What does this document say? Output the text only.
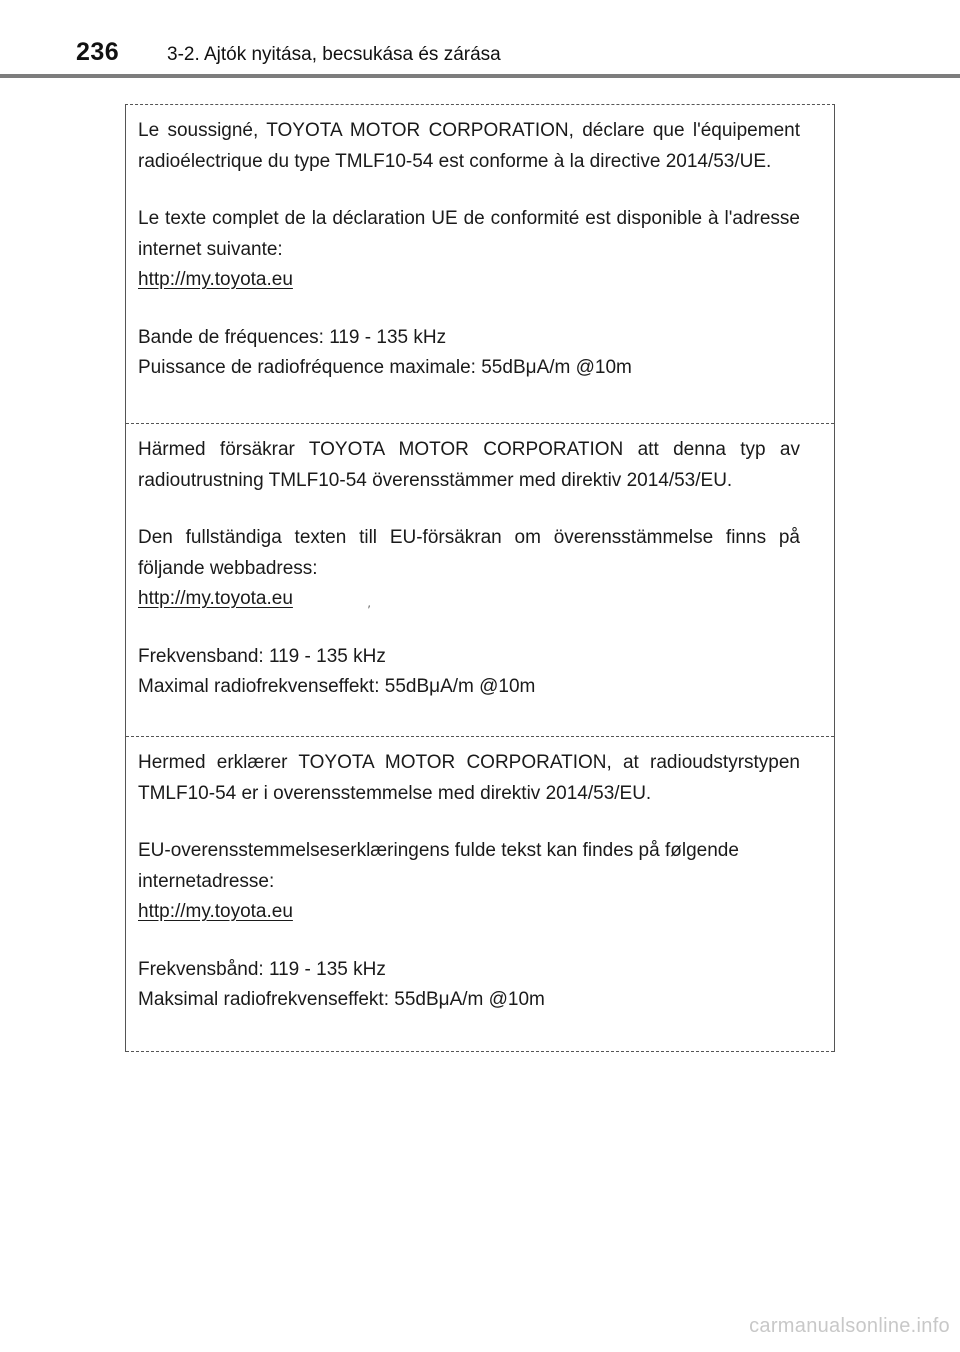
236	3-2. Ajtók nyitása, becsukása és zárása

Le soussigné, TOYOTA MOTOR CORPORATION, déclare que l'équipement radioélectrique du type TMLF10-54 est conforme à la directive 2014/53/UE.

Le texte complet de la déclaration UE de conformité est disponible à l'adresse internet suivante:

http://my.toyota.eu

Bande de fréquences: 119 - 135 kHz

Puissance de radiofréquence maximale: 55dBμA/m @10m

Härmed försäkrar TOYOTA MOTOR CORPORATION att denna typ av radioutrustning TMLF10-54 överensstämmer med direktiv 2014/53/EU.

Den fullständiga texten till EU-försäkran om överensstämmelse finns på följande webbadress:

http://my.toyota.eu

Frekvensband: 119 - 135 kHz

Maximal radiofrekvenseffekt: 55dBμA/m @10m

Hermed erklærer TOYOTA MOTOR CORPORATION, at radioudstyrstypen TMLF10-54 er i overensstemmelse med direktiv 2014/53/EU.

EU-overensstemmelseserklæringens fulde tekst kan findes på følgende internetadresse:

http://my.toyota.eu

Frekvensbånd: 119 - 135 kHz

Maksimal radiofrekvenseffekt: 55dBμA/m @10m

′
carmanualsonline.info
